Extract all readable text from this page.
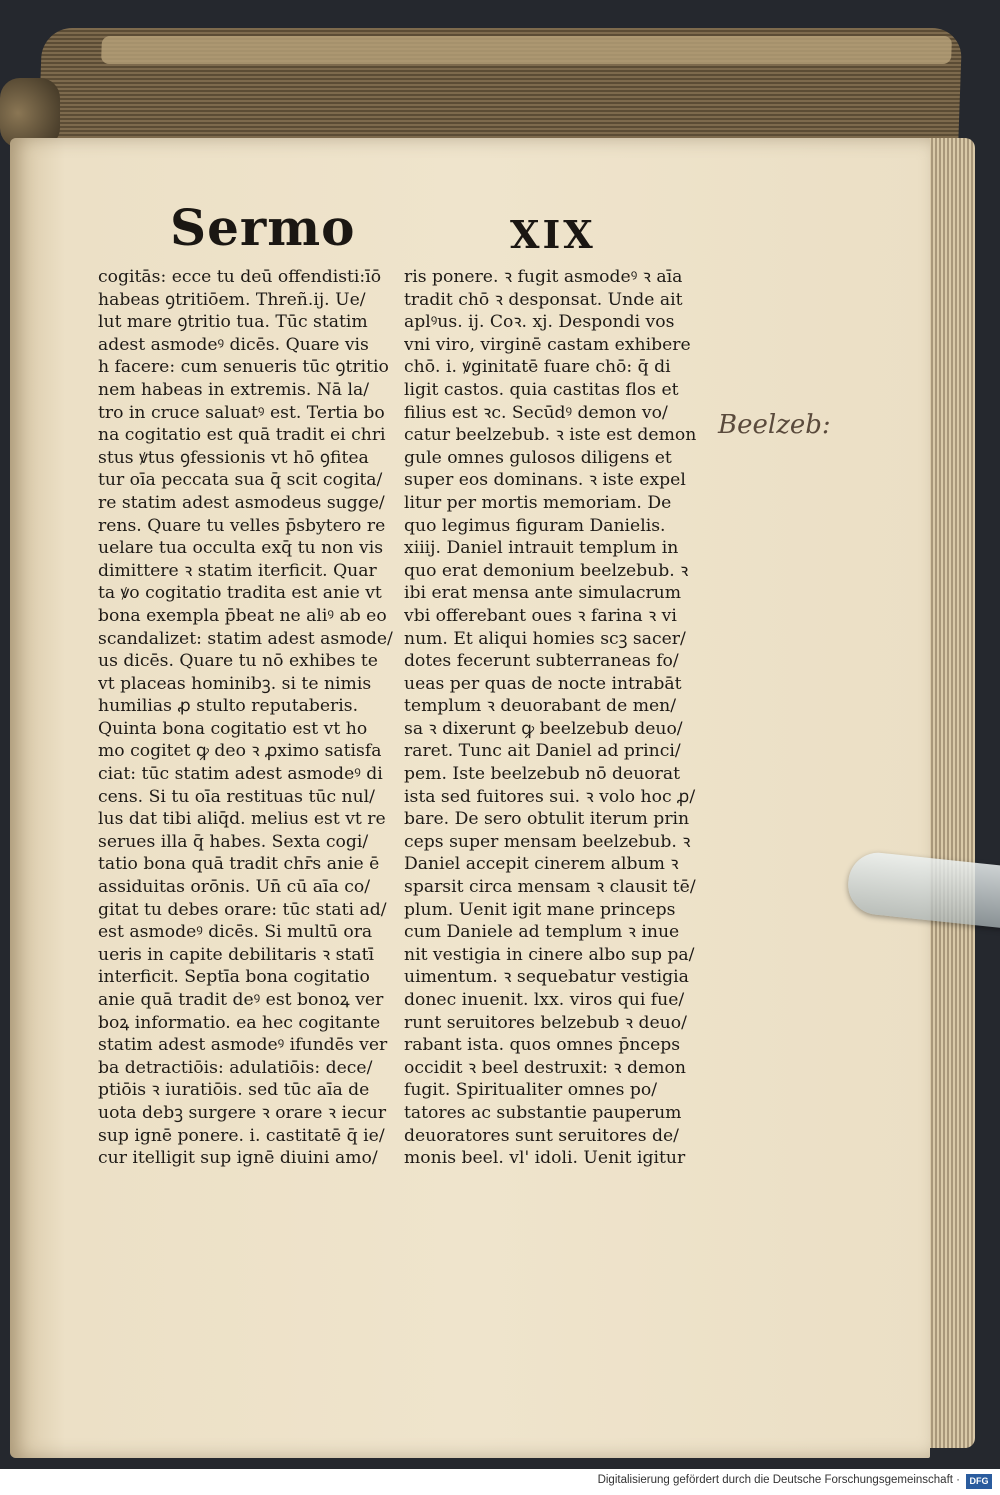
Sermo	XIX
cogitās: ecce tu deū offendisti:īō
habeas ꝯtritiōem. Threñ.ij. Ue/
lut mare ꝯtritio tua. Tūc statim
adest asmodeꝰ dicēs. Quare vis
h facere: cum senueris tūc ꝯtritio
nem habeas in extremis. Nā la/
tro in cruce saluatꝰ est. Tertia bo
na cogitatio est quā tradit ei chri
stus ꝟtus ꝯfessionis vt hō ꝯfitea
tur oīa peccata sua q̄ scit cogita/
re statim adest asmodeus sugge/
rens. Quare tu velles p̄sbytero re
uelare tua occulta exq̄ tu non vis
dimittere ꝛ statim iterficit. Quar
ta ꝟo cogitatio tradita est anie vt
bona exempla p̄beat ne aliꝰ ab eo
scandalizet: statim adest asmode/
us dicēs. Quare tu nō exhibes te
vt placeas hominibꝫ. si te nimis
humilias ꝓ stulto reputaberis.
Quinta bona cogitatio est vt ho
mo cogitet ꝙ deo ꝛ ꝓximo satisfa
ciat: tūc statim adest asmodeꝰ di
cens. Si tu oīa restituas tūc nul/
lus dat tibi aliq̄d. melius est vt re
serues illa q̄ habes. Sexta cogi/
tatio bona quā tradit chr̄s anie ē
assiduitas orōnis. Un̄ cū aīa co/
gitat tu debes orare: tūc stati ad/
est asmodeꝰ dicēs. Si multū ora
ueris in capite debilitaris ꝛ statī
interficit. Septīa bona cogitatio
anie quā tradit deꝰ est bonoꝝ ver
boꝝ informatio. ea hec cogitante
statim adest asmodeꝰ ifundēs ver
ba detractiōis: adulatiōis: dece/
ptiōis ꝛ iuratiōis. sed tūc aīa de
uota debꝫ surgere ꝛ orare ꝛ iecur
sup ignē ponere. i. castitatē q̄ ie/
cur itelligit sup ignē diuini amo/
ris ponere. ꝛ fugit asmodeꝰ ꝛ aīa
tradit chō ꝛ desponsat. Unde ait
aplꝰus. ij. Coꝛ. xj. Despondi vos
vni viro, virginē castam exhibere
chō. i. ꝟginitatē fuare chō: q̄ di
ligit castos. quia castitas flos et
filius est ꝛc. Secūdꝰ demon vo/
catur beelzebub. ꝛ iste est demon
gule omnes gulosos diligens et
super eos dominans. ꝛ iste expel
litur per mortis memoriam. De
quo legimus figuram Danielis.
xiiij. Daniel intrauit templum in
quo erat demonium beelzebub. ꝛ
ibi erat mensa ante simulacrum
vbi offerebant oues ꝛ farina ꝛ vi
num. Et aliqui homies scꝫ sacer/
dotes fecerunt subterraneas fo/
ueas per quas de nocte intrabāt
templum ꝛ deuorabant de men/
sa ꝛ dixerunt ꝙ beelzebub deuo/
raret. Tunc ait Daniel ad princi/
pem. Iste beelzebub nō deuorat
ista sed fuitores sui. ꝛ volo hoc ꝓ/
bare. De sero obtulit iterum prin
ceps super mensam beelzebub. ꝛ
Daniel accepit cinerem album ꝛ
sparsit circa mensam ꝛ clausit tē/
plum. Uenit igit mane princeps
cum Daniele ad templum ꝛ inue
nit vestigia in cinere albo sup pa/
uimentum. ꝛ sequebatur vestigia
donec inuenit. lxx. viros qui fue/
runt seruitores belzebub ꝛ deuo/
rabant ista. quos omnes p̄nceps
occidit ꝛ beel destruxit: ꝛ demon
fugit. Spiritualiter omnes po/
tatores ac substantie pauperum
deuoratores sunt seruitores de/
monis beel. vl' idoli. Uenit igitur
Beelzeb:
Digitalisierung gefördert durch die Deutsche Forschungsgemeinschaft ·	DFG
